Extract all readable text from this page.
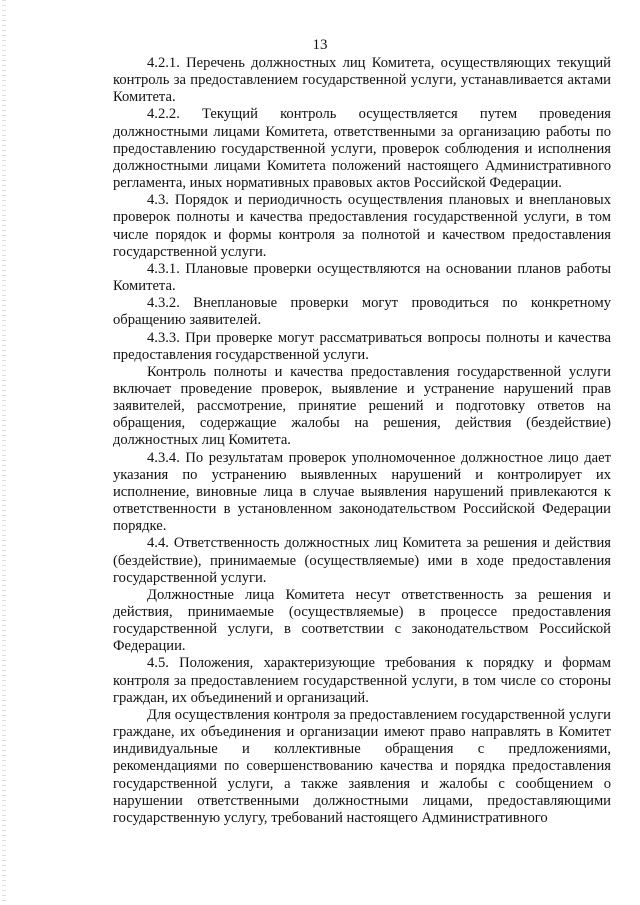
13

4.2.1. Перечень должностных лиц Комитета, осуществляющих текущий контроль за предоставлением государственной услуги, устанавливается актами Комитета.

4.2.2. Текущий контроль осуществляется путем проведения должностными лицами Комитета, ответственными за организацию работы по предоставлению государственной услуги, проверок соблюдения и исполнения должностными лицами Комитета положений настоящего Административного регламента, иных нормативных правовых актов Российской Федерации.

4.3. Порядок и периодичность осуществления плановых и внеплановых проверок полноты и качества предоставления государственной услуги, в том числе порядок и формы контроля за полнотой и качеством предоставления государственной услуги.

4.3.1. Плановые проверки осуществляются на основании планов работы Комитета.

4.3.2. Внеплановые проверки могут проводиться по конкретному обращению заявителей.

4.3.3. При проверке могут рассматриваться вопросы полноты и качества предоставления государственной услуги.

Контроль полноты и качества предоставления государственной услуги включает проведение проверок, выявление и устранение нарушений прав заявителей, рассмотрение, принятие решений и подготовку ответов на обращения, содержащие жалобы на решения, действия (бездействие) должностных лиц Комитета.

4.3.4. По результатам проверок уполномоченное должностное лицо дает указания по устранению выявленных нарушений и контролирует их исполнение, виновные лица в случае выявления нарушений привлекаются к ответственности в установленном законодательством Российской Федерации порядке.

4.4. Ответственность должностных лиц Комитета за решения и действия (бездействие), принимаемые (осуществляемые) ими в ходе предоставления государственной услуги.

Должностные лица Комитета несут ответственность за решения и действия, принимаемые (осуществляемые) в процессе предоставления государственной услуги, в соответствии с законодательством Российской Федерации.

4.5. Положения, характеризующие требования к порядку и формам контроля за предоставлением государственной услуги, в том числе со стороны граждан, их объединений и организаций.

Для осуществления контроля за предоставлением государственной услуги граждане, их объединения и организации имеют право направлять в Комитет индивидуальные и коллективные обращения с предложениями, рекомендациями по совершенствованию качества и порядка предоставления государственной услуги, а также заявления и жалобы с сообщением о нарушении ответственными должностными лицами, предоставляющими государственную услугу, требований настоящего Административного
